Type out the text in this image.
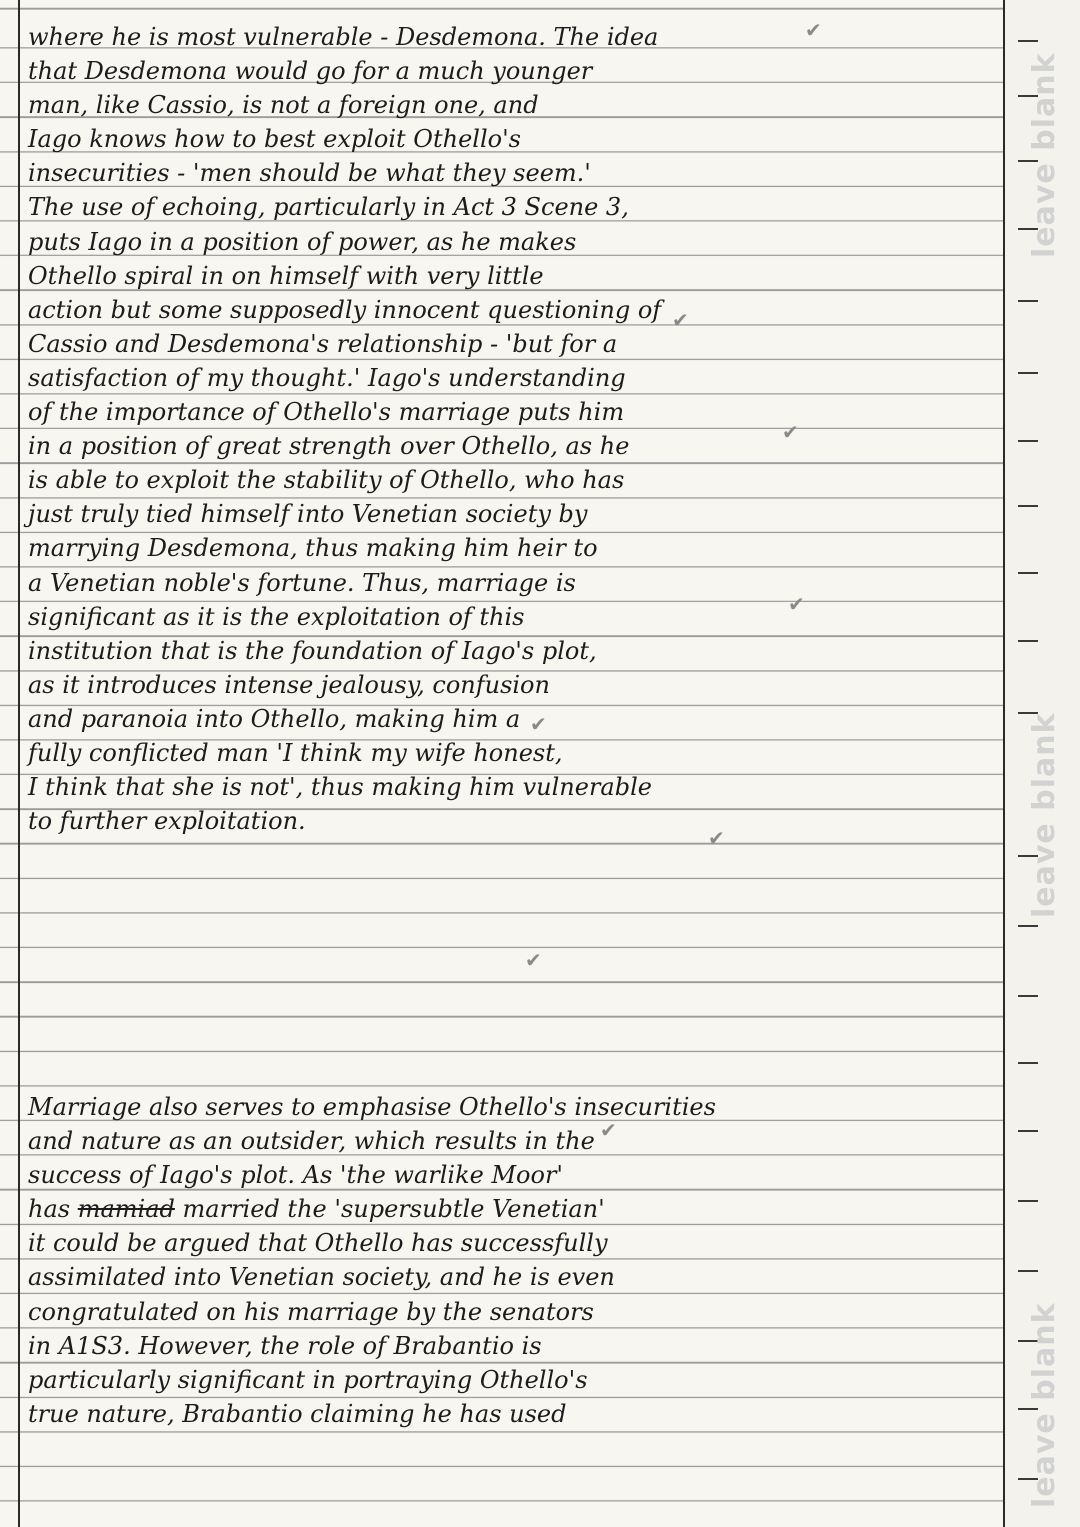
leave blank
leave blank
leave blank
where he is most vulnerable - Desdemona. The idea
that Desdemona would go for a much younger
man, like Cassio, is not a foreign one, and
Iago knows how to best exploit Othello's
insecurities - 'men should be what they seem.'
The use of echoing, particularly in Act 3 Scene 3,
puts Iago in a position of power, as he makes
Othello spiral in on himself with very little
action but some supposedly innocent questioning of
Cassio and Desdemona's relationship - 'but for a
satisfaction of my thought.' Iago's understanding
of the importance of Othello's marriage puts him
in a position of great strength over Othello, as he
is able to exploit the stability of Othello, who has
just truly tied himself into Venetian society by
marrying Desdemona, thus making him heir to
a Venetian noble's fortune. Thus, marriage is
significant as it is the exploitation of this
institution that is the foundation of Iago's plot,
as it introduces intense jealousy, confusion
and paranoia into Othello, making him a
fully conflicted man 'I think my wife honest,
I think that she is not', thus making him vulnerable
to further exploitation.
Marriage also serves to emphasise Othello's insecurities
and nature as an outsider, which results in the
success of Iago's plot. As 'the warlike Moor'
has mamiad married the 'supersubtle Venetian'
it could be argued that Othello has successfully
assimilated into Venetian society, and he is even
congratulated on his marriage by the senators
in A1S3. However, the role of Brabantio is
particularly significant in portraying Othello's
true nature, Brabantio claiming he has used
✔
✔
✔
✔
✔
✔
✔
✔
